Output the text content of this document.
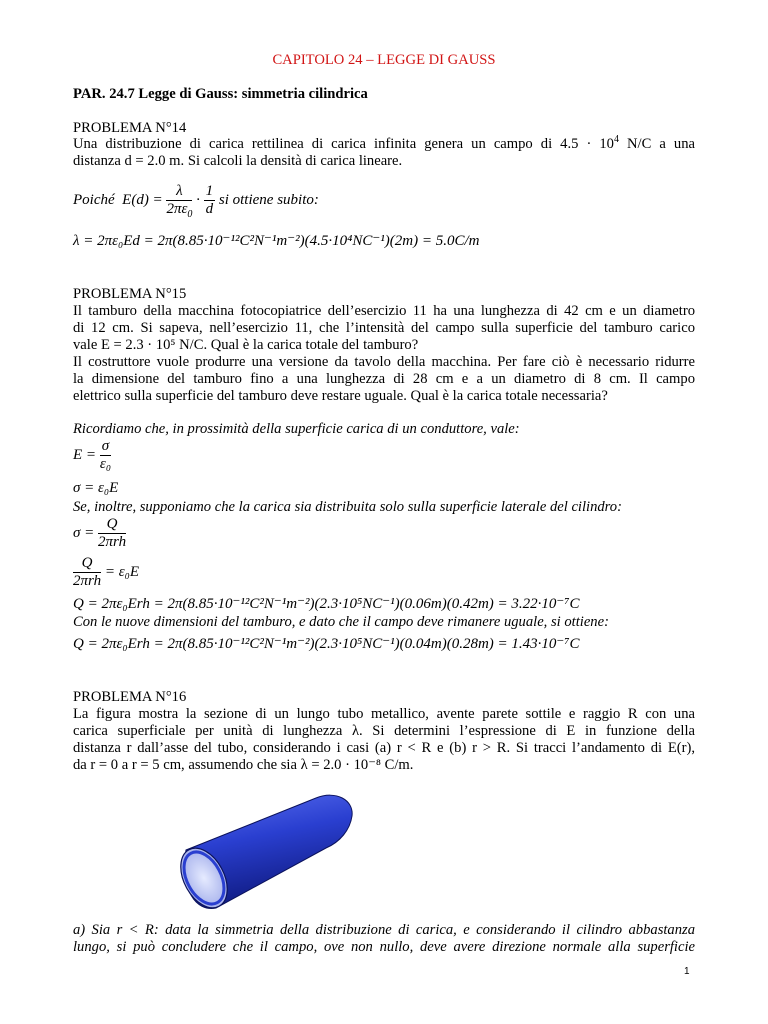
CAPITOLO 24 – LEGGE DI GAUSS
PAR. 24.7 Legge di Gauss: simmetria cilindrica
PROBLEMA N°14
Una distribuzione di carica rettilinea di carica infinita genera un campo di $4.5 \cdot 10^4$ N/C a una
distanza d = 2.0 m. Si calcoli la densità di carica lineare.
Poiché $E(d) = \frac{\lambda}{2\pi\varepsilon_0} \cdot \frac{1}{d}$ si ottiene subito:
λ = 2πε₀Ed = 2π(8.85·10⁻¹²C²N⁻¹m⁻²)(4.5·10⁴NC⁻¹)(2m) = 5.0C/m
PROBLEMA N°15
Il tamburo della macchina fotocopiatrice dell’esercizio 11 ha una lunghezza di 42 cm e un diametro
di 12 cm. Si sapeva, nell’esercizio 11, che l’intensità del campo sulla superficie del tamburo carico
vale E = 2.3 · 10⁵ N/C. Qual è la carica totale del tamburo?
Il costruttore vuole produrre una versione da tavolo della macchina. Per fare ciò è necessario ridurre
la dimensione del tamburo fino a una lunghezza di 28 cm e a un diametro di 8 cm. Il campo
elettrico sulla superficie del tamburo deve restare uguale. Qual è la carica totale necessaria?
Ricordiamo che, in prossimità della superficie carica di un conduttore, vale:
$E = \frac{\sigma}{\text{ε₀}}$
σ = ε₀E
Se, inoltre, supponiamo che la carica sia distribuita solo sulla superficie laterale del cilindro:
$\sigma = \frac{Q}{\text{2πrh}}$
$\frac{Q}{\text{2πrh}} = \varepsilon_0E$
Q = 2πε₀Erh = 2π(8.85·10⁻¹²C²N⁻¹m⁻²)(2.3·10⁵NC⁻¹)(0.06m)(0.42m) = 3.22·10⁻⁷C
Con le nuove dimensioni del tamburo, e dato che il campo deve rimanere uguale, si ottiene:
Q = 2πε₀Erh = 2π(8.85·10⁻¹²C²N⁻¹m⁻²)(2.3·10⁵NC⁻¹)(0.04m)(0.28m) = 1.43·10⁻⁷C
PROBLEMA N°16
La figura mostra la sezione di un lungo tubo metallico, avente parete sottile e raggio R con una
carica superficiale per unità di lunghezza λ. Si determini l’espressione di E in funzione della
distanza r dall’asse del tubo, considerando i casi (a) r < R e (b) r > R. Si tracci l’andamento di E(r),
da r = 0 a r = 5 cm, assumendo che sia λ = 2.0 · 10⁻⁸ C/m.
a) Sia r < R: data la simmetria della distribuzione di carica, e considerando il cilindro abbastanza
lungo, si può concludere che il campo, ove non nullo, deve avere direzione normale alla superficie
1
